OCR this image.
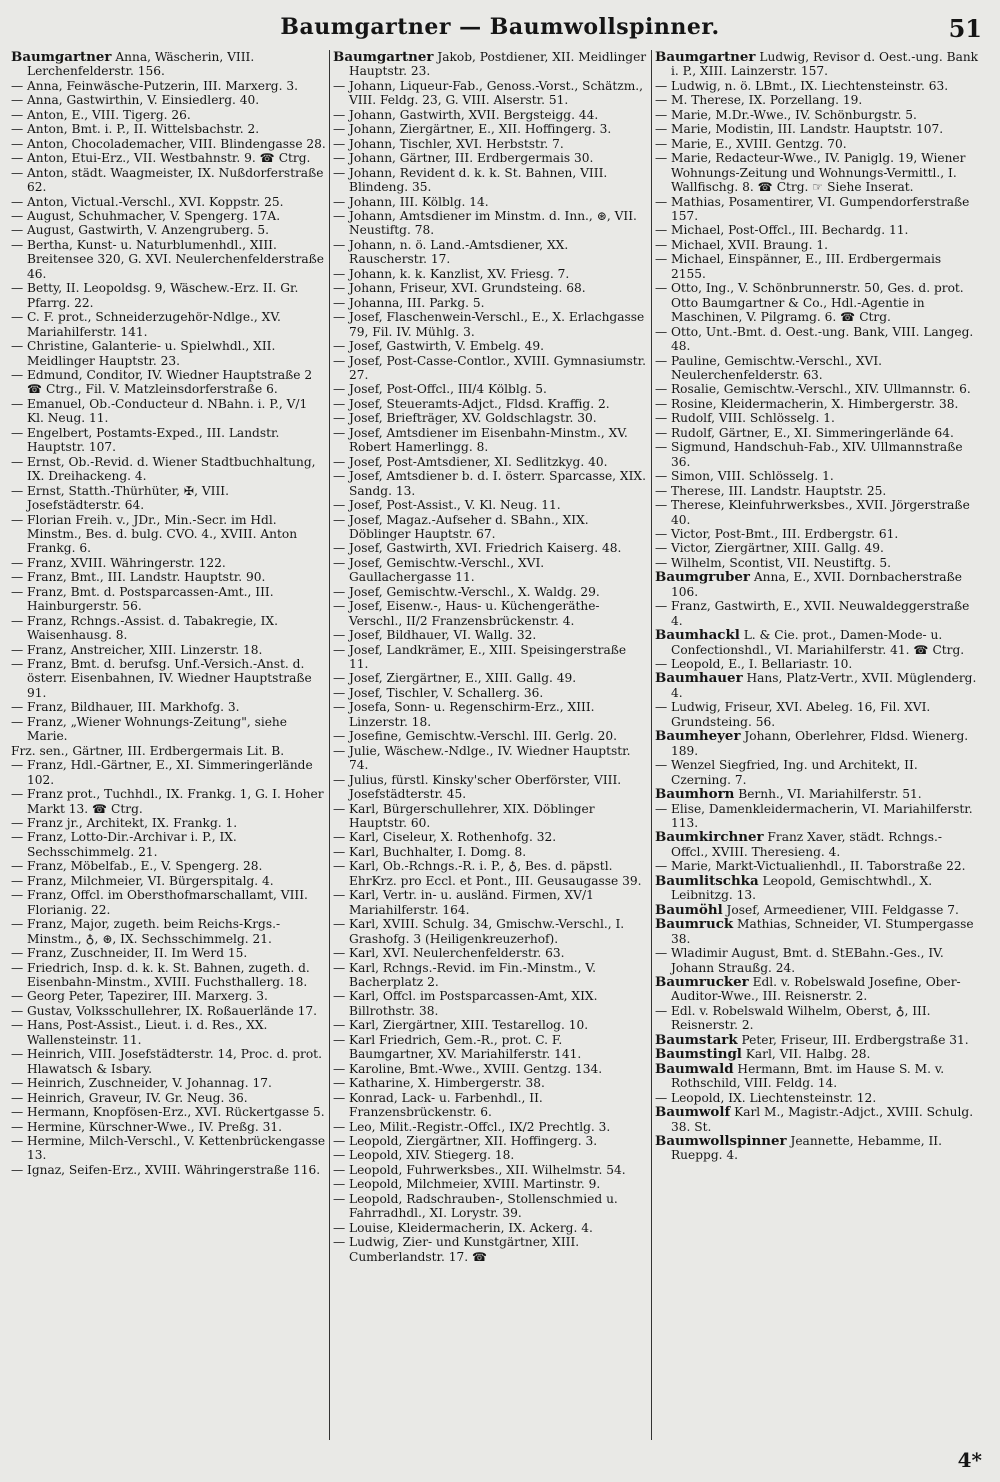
Baumgartner — Baumwollspinner.	51
Baumgartner Anna, Wäscherin, VIII. Lerchenfelderstr. 156.
— Anna, Feinwäsche-Putzerin, III. Marxerg. 3.
— Anna, Gastwirthin, V. Einsiedlerg. 40.
— Anton, E., VIII. Tigerg. 26.
— Anton, Bmt. i. P., II. Wittelsbachstr. 2.
— Anton, Chocolademacher, VIII. Blindengasse 28.
— Anton, Etui-Erz., VII. Westbahnstr. 9. ☎ Ctrg.
— Anton, städt. Waagmeister, IX. Nußdorferstraße 62.
— Anton, Victual.-Verschl., XVI. Koppstr. 25.
— August, Schuhmacher, V. Spengerg. 17A.
— August, Gastwirth, V. Anzengruberg. 5.
— Bertha, Kunst- u. Naturblumenhdl., XIII. Breitensee 320, G. XVI. Neulerchenfelderstraße 46.
— Betty, II. Leopoldsg. 9, Wäschew.-Erz. II. Gr. Pfarrg. 22.
— C. F. prot., Schneiderzugehör-Ndlge., XV. Mariahilferstr. 141.
— Christine, Galanterie- u. Spielwhdl., XII. Meidlinger Hauptstr. 23.
— Edmund, Conditor, IV. Wiedner Hauptstraße 2 ☎ Ctrg., Fil. V. Matzleinsdorferstraße 6.
— Emanuel, Ob.-Conducteur d. NBahn. i. P., V/1 Kl. Neug. 11.
— Engelbert, Postamts-Exped., III. Landstr. Hauptstr. 107.
— Ernst, Ob.-Revid. d. Wiener Stadtbuchhaltung, IX. Dreihackeng. 4.
— Ernst, Statth.-Thürhüter, ✠, VIII. Josefstädterstr. 64.
— Florian Freih. v., JDr., Min.-Secr. im Hdl. Minstm., Bes. d. bulg. CVO. 4., XVIII. Anton Frankg. 6.
— Franz, XVIII. Währingerstr. 122.
— Franz, Bmt., III. Landstr. Hauptstr. 90.
— Franz, Bmt. d. Postsparcassen-Amt., III. Hainburgerstr. 56.
— Franz, Rchngs.-Assist. d. Tabakregie, IX. Waisenhausg. 8.
— Franz, Anstreicher, XIII. Linzerstr. 18.
— Franz, Bmt. d. berufsg. Unf.-Versich.-Anst. d. österr. Eisenbahnen, IV. Wiedner Hauptstraße 91.
— Franz, Bildhauer, III. Markhofg. 3.
— Franz, „Wiener Wohnungs-Zeitung", siehe Marie.
Frz. sen., Gärtner, III. Erdbergermais Lit. B.
— Franz, Hdl.-Gärtner, E., XI. Simmeringerlände 102.
— Franz prot., Tuchhdl., IX. Frankg. 1, G. I. Hoher Markt 13. ☎ Ctrg.
— Franz jr., Architekt, IX. Frankg. 1.
— Franz, Lotto-Dir.-Archivar i. P., IX. Sechsschimmelg. 21.
— Franz, Möbelfab., E., V. Spengerg. 28.
— Franz, Milchmeier, VI. Bürgerspitalg. 4.
— Franz, Offcl. im Obersthofmarschallamt, VIII. Florianig. 22.
— Franz, Major, zugeth. beim Reichs-Krgs.-Minstm., ♁, ⊛, IX. Sechsschimmelg. 21.
— Franz, Zuschneider, II. Im Werd 15.
— Friedrich, Insp. d. k. k. St. Bahnen, zugeth. d. Eisenbahn-Minstm., XVIII. Fuchsthallerg. 18.
— Georg Peter, Tapezirer, III. Marxerg. 3.
— Gustav, Volksschullehrer, IX. Roßauerlände 17.
— Hans, Post-Assist., Lieut. i. d. Res., XX. Wallensteinstr. 11.
— Heinrich, VIII. Josefstädterstr. 14, Proc. d. prot. Hlawatsch & Isbary.
— Heinrich, Zuschneider, V. Johannag. 17.
— Heinrich, Graveur, IV. Gr. Neug. 36.
— Hermann, Knopfösen-Erz., XVI. Rückertgasse 5.
— Hermine, Kürschner-Wwe., IV. Preßg. 31.
— Hermine, Milch-Verschl., V. Kettenbrückengasse 13.
— Ignaz, Seifen-Erz., XVIII. Währingerstraße 116.
Baumgartner Jakob, Postdiener, XII. Meidlinger Hauptstr. 23.
— Johann, Liqueur-Fab., Genoss.-Vorst., Schätzm., VIII. Feldg. 23, G. VIII. Alserstr. 51.
— Johann, Gastwirth, XVII. Bergsteigg. 44.
— Johann, Ziergärtner, E., XII. Hoffingerg. 3.
— Johann, Tischler, XVI. Herbststr. 7.
— Johann, Gärtner, III. Erdbergermais 30.
— Johann, Revident d. k. k. St. Bahnen, VIII. Blindeng. 35.
— Johann, III. Kölblg. 14.
— Johann, Amtsdiener im Minstm. d. Inn., ⊛, VII. Neustiftg. 78.
— Johann, n. ö. Land.-Amtsdiener, XX. Rauscherstr. 17.
— Johann, k. k. Kanzlist, XV. Friesg. 7.
— Johann, Friseur, XVI. Grundsteing. 68.
— Johanna, III. Parkg. 5.
— Josef, Flaschenwein-Verschl., E., X. Erlachgasse 79, Fil. IV. Mühlg. 3.
— Josef, Gastwirth, V. Embelg. 49.
— Josef, Post-Casse-Contlor., XVIII. Gymnasiumstr. 27.
— Josef, Post-Offcl., III/4 Kölblg. 5.
— Josef, Steueramts-Adjct., Fldsd. Kraffig. 2.
— Josef, Briefträger, XV. Goldschlagstr. 30.
— Josef, Amtsdiener im Eisenbahn-Minstm., XV. Robert Hamerlingg. 8.
— Josef, Post-Amtsdiener, XI. Sedlitzkyg. 40.
— Josef, Amtsdiener b. d. I. österr. Sparcasse, XIX. Sandg. 13.
— Josef, Post-Assist., V. Kl. Neug. 11.
— Josef, Magaz.-Aufseher d. SBahn., XIX. Döblinger Hauptstr. 67.
— Josef, Gastwirth, XVI. Friedrich Kaiserg. 48.
— Josef, Gemischtw.-Verschl., XVI. Gaullachergasse 11.
— Josef, Gemischtw.-Verschl., X. Waldg. 29.
— Josef, Eisenw.-, Haus- u. Küchengeräthe-Verschl., II/2 Franzensbrückenstr. 4.
— Josef, Bildhauer, VI. Wallg. 32.
— Josef, Landkrämer, E., XIII. Speisingerstraße 11.
— Josef, Ziergärtner, E., XIII. Gallg. 49.
— Josef, Tischler, V. Schallerg. 36.
— Josefa, Sonn- u. Regenschirm-Erz., XIII. Linzerstr. 18.
— Josefine, Gemischtw.-Verschl. III. Gerlg. 20.
— Julie, Wäschew.-Ndlge., IV. Wiedner Hauptstr. 74.
— Julius, fürstl. Kinsky'scher Oberförster, VIII. Josefstädterstr. 45.
— Karl, Bürgerschullehrer, XIX. Döblinger Hauptstr. 60.
— Karl, Ciseleur, X. Rothenhofg. 32.
— Karl, Buchhalter, I. Domg. 8.
— Karl, Ob.-Rchngs.-R. i. P., ♁, Bes. d. päpstl. EhrKrz. pro Eccl. et Pont., III. Geusaugasse 39.
— Karl, Vertr. in- u. ausländ. Firmen, XV/1 Mariahilferstr. 164.
— Karl, XVIII. Schulg. 34, Gmischw.-Verschl., I. Grashofg. 3 (Heiligenkreuzerhof).
— Karl, XVI. Neulerchenfelderstr. 63.
— Karl, Rchngs.-Revid. im Fin.-Minstm., V. Bacherplatz 2.
— Karl, Offcl. im Postsparcassen-Amt, XIX. Billrothstr. 38.
— Karl, Ziergärtner, XIII. Testarellog. 10.
— Karl Friedrich, Gem.-R., prot. C. F. Baumgartner, XV. Mariahilferstr. 141.
— Karoline, Bmt.-Wwe., XVIII. Gentzg. 134.
— Katharine, X. Himbergerstr. 38.
— Konrad, Lack- u. Farbenhdl., II. Franzensbrückenstr. 6.
— Leo, Milit.-Registr.-Offcl., IX/2 Prechtlg. 3.
— Leopold, Ziergärtner, XII. Hoffingerg. 3.
— Leopold, XIV. Stiegerg. 18.
— Leopold, Fuhrwerksbes., XII. Wilhelmstr. 54.
— Leopold, Milchmeier, XVIII. Martinstr. 9.
— Leopold, Radschrauben-, Stollenschmied u. Fahrradhdl., XI. Lorystr. 39.
— Louise, Kleidermacherin, IX. Ackerg. 4.
— Ludwig, Zier- und Kunstgärtner, XIII. Cumberlandstr. 17. ☎
Baumgartner Ludwig, Revisor d. Oest.-ung. Bank i. P., XIII. Lainzerstr. 157.
— Ludwig, n. ö. LBmt., IX. Liechtensteinstr. 63.
— M. Therese, IX. Porzellang. 19.
— Marie, M.Dr.-Wwe., IV. Schönburgstr. 5.
— Marie, Modistin, III. Landstr. Hauptstr. 107.
— Marie, E., XVIII. Gentzg. 70.
— Marie, Redacteur-Wwe., IV. Paniglg. 19, Wiener Wohnungs-Zeitung und Wohnungs-Vermittl., I. Wallfischg. 8. ☎ Ctrg. ☞ Siehe Inserat.
— Mathias, Posamentirer, VI. Gumpendorferstraße 157.
— Michael, Post-Offcl., III. Bechardg. 11.
— Michael, XVII. Braung. 1.
— Michael, Einspänner, E., III. Erdbergermais 2155.
— Otto, Ing., V. Schönbrunnerstr. 50, Ges. d. prot. Otto Baumgartner & Co., Hdl.-Agentie in Maschinen, V. Pilgramg. 6. ☎ Ctrg.
— Otto, Unt.-Bmt. d. Oest.-ung. Bank, VIII. Langeg. 48.
— Pauline, Gemischtw.-Verschl., XVI. Neulerchenfelderstr. 63.
— Rosalie, Gemischtw.-Verschl., XIV. Ullmannstr. 6.
— Rosine, Kleidermacherin, X. Himbergerstr. 38.
— Rudolf, VIII. Schlösselg. 1.
— Rudolf, Gärtner, E., XI. Simmeringerlände 64.
— Sigmund, Handschuh-Fab., XIV. Ullmannstraße 36.
— Simon, VIII. Schlösselg. 1.
— Therese, III. Landstr. Hauptstr. 25.
— Therese, Kleinfuhrwerksbes., XVII. Jörgerstraße 40.
— Victor, Post-Bmt., III. Erdbergstr. 61.
— Victor, Ziergärtner, XIII. Gallg. 49.
— Wilhelm, Scontist, VII. Neustiftg. 5.
Baumgruber Anna, E., XVII. Dornbacherstraße 106.
— Franz, Gastwirth, E., XVII. Neuwaldeggerstraße 4.
Baumhackl L. & Cie. prot., Damen-Mode- u. Confectionshdl., VI. Mariahilferstr. 41. ☎ Ctrg.
— Leopold, E., I. Bellariastr. 10.
Baumhauer Hans, Platz-Vertr., XVII. Müglenderg. 4.
— Ludwig, Friseur, XVI. Abeleg. 16, Fil. XVI. Grundsteing. 56.
Baumheyer Johann, Oberlehrer, Fldsd. Wienerg. 189.
— Wenzel Siegfried, Ing. und Architekt, II. Czerning. 7.
Baumhorn Bernh., VI. Mariahilferstr. 51.
— Elise, Damenkleidermacherin, VI. Mariahilferstr. 113.
Baumkirchner Franz Xaver, städt. Rchngs.-Offcl., XVIII. Theresieng. 4.
— Marie, Markt-Victualienhdl., II. Taborstraße 22.
Baumlitschka Leopold, Gemischtwhdl., X. Leibnitzg. 13.
Baumöhl Josef, Armeediener, VIII. Feldgasse 7.
Baumruck Mathias, Schneider, VI. Stumpergasse 38.
— Wladimir August, Bmt. d. StEBahn.-Ges., IV. Johann Straußg. 24.
Baumrucker Edl. v. Robelswald Josefine, Ober-Auditor-Wwe., III. Reisnerstr. 2.
— Edl. v. Robelswald Wilhelm, Oberst, ♁, III. Reisnerstr. 2.
Baumstark Peter, Friseur, III. Erdbergstraße 31.
Baumstingl Karl, VII. Halbg. 28.
Baumwald Hermann, Bmt. im Hause S. M. v. Rothschild, VIII. Feldg. 14.
— Leopold, IX. Liechtensteinstr. 12.
Baumwolf Karl M., Magistr.-Adjct., XVIII. Schulg. 38. St.
Baumwollspinner Jeannette, Hebamme, II. Rueppg. 4.
4*
